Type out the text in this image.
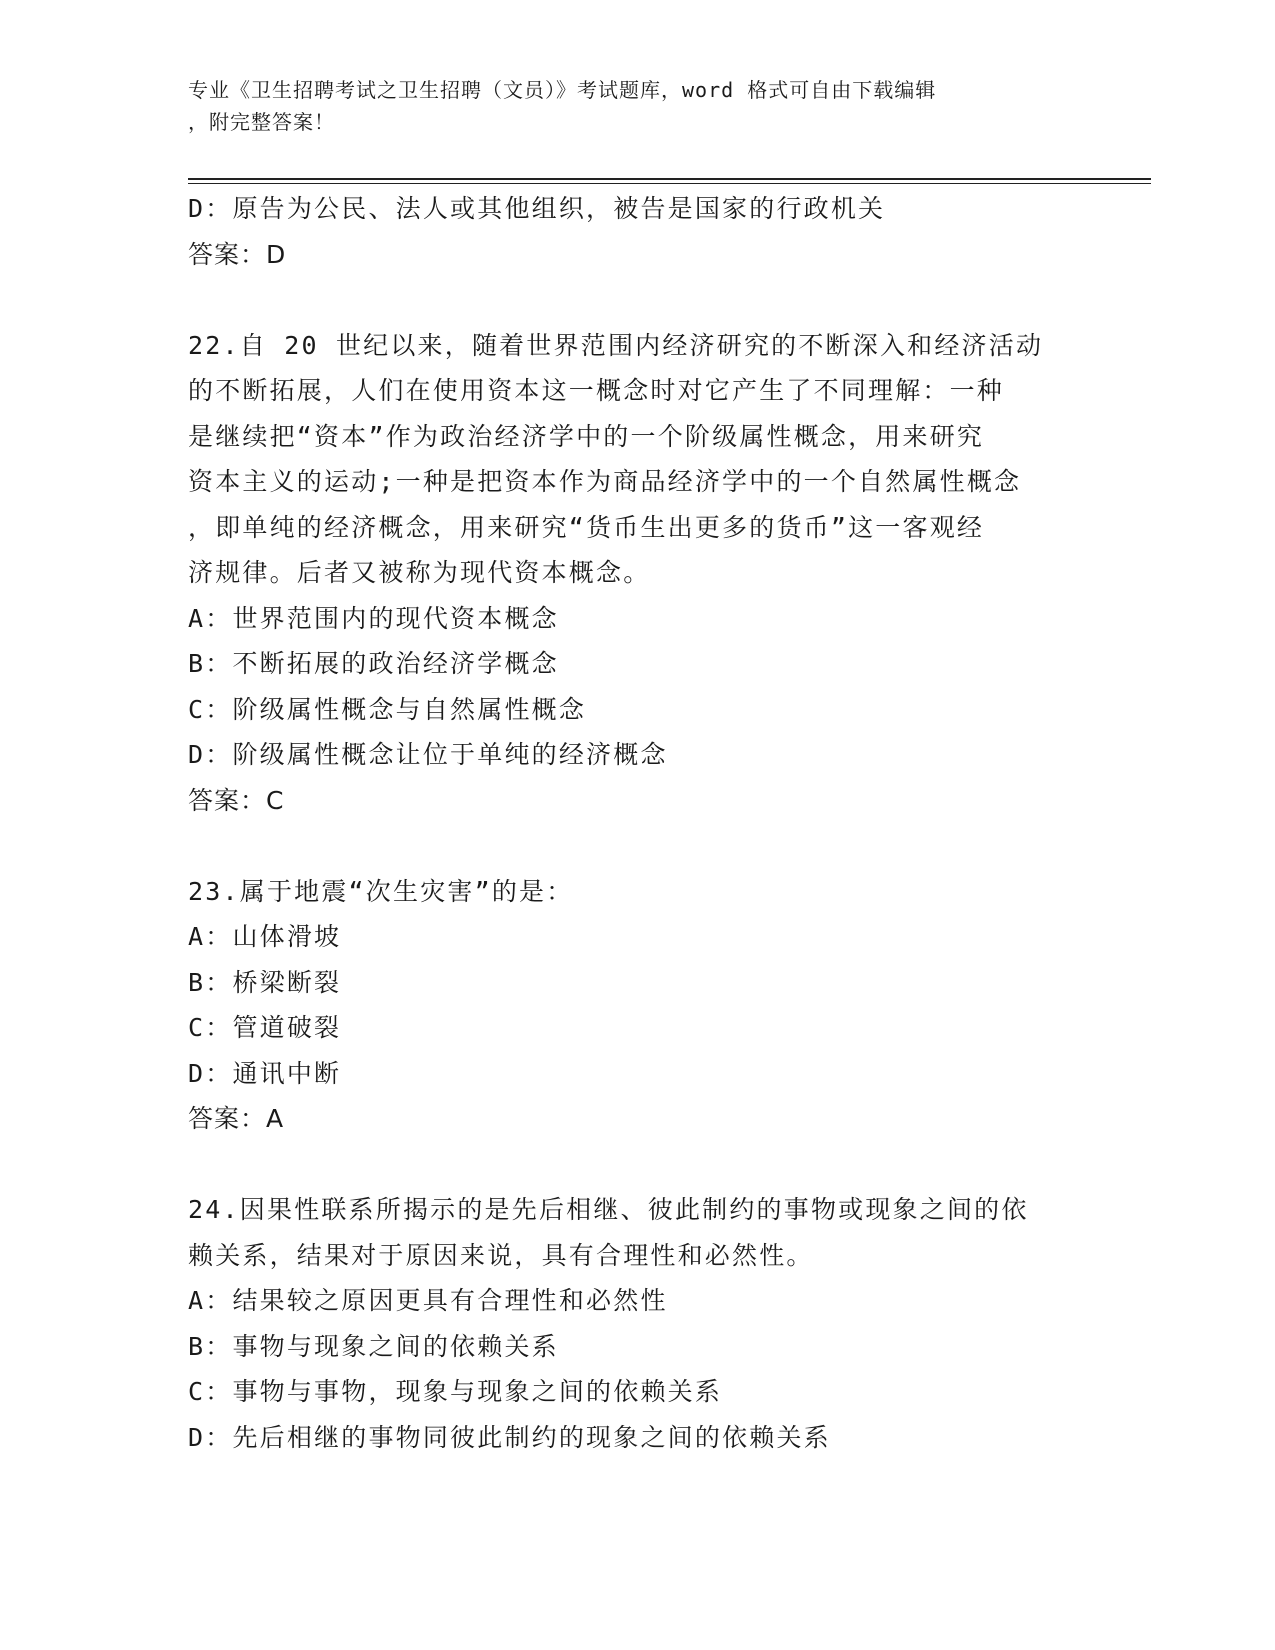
专业《卫生招聘考试之卫生招聘（文员）》考试题库，word 格式可自由下载编辑
，附完整答案！
D：原告为公民、法人或其他组织，被告是国家的行政机关
答案：D
22.自 20 世纪以来，随着世界范围内经济研究的不断深入和经济活动
的不断拓展，人们在使用资本这一概念时对它产生了不同理解：一种
是继续把“资本”作为政治经济学中的一个阶级属性概念，用来研究
资本主义的运动;一种是把资本作为商品经济学中的一个自然属性概念
，即单纯的经济概念，用来研究“货币生出更多的货币”这一客观经
济规律。后者又被称为现代资本概念。
A：世界范围内的现代资本概念
B：不断拓展的政治经济学概念
C：阶级属性概念与自然属性概念
D：阶级属性概念让位于单纯的经济概念
答案：C
23.属于地震“次生灾害”的是：
A：山体滑坡
B：桥梁断裂
C：管道破裂
D：通讯中断
答案：A
24.因果性联系所揭示的是先后相继、彼此制约的事物或现象之间的依
赖关系，结果对于原因来说，具有合理性和必然性。
A：结果较之原因更具有合理性和必然性
B：事物与现象之间的依赖关系
C：事物与事物，现象与现象之间的依赖关系
D：先后相继的事物同彼此制约的现象之间的依赖关系
